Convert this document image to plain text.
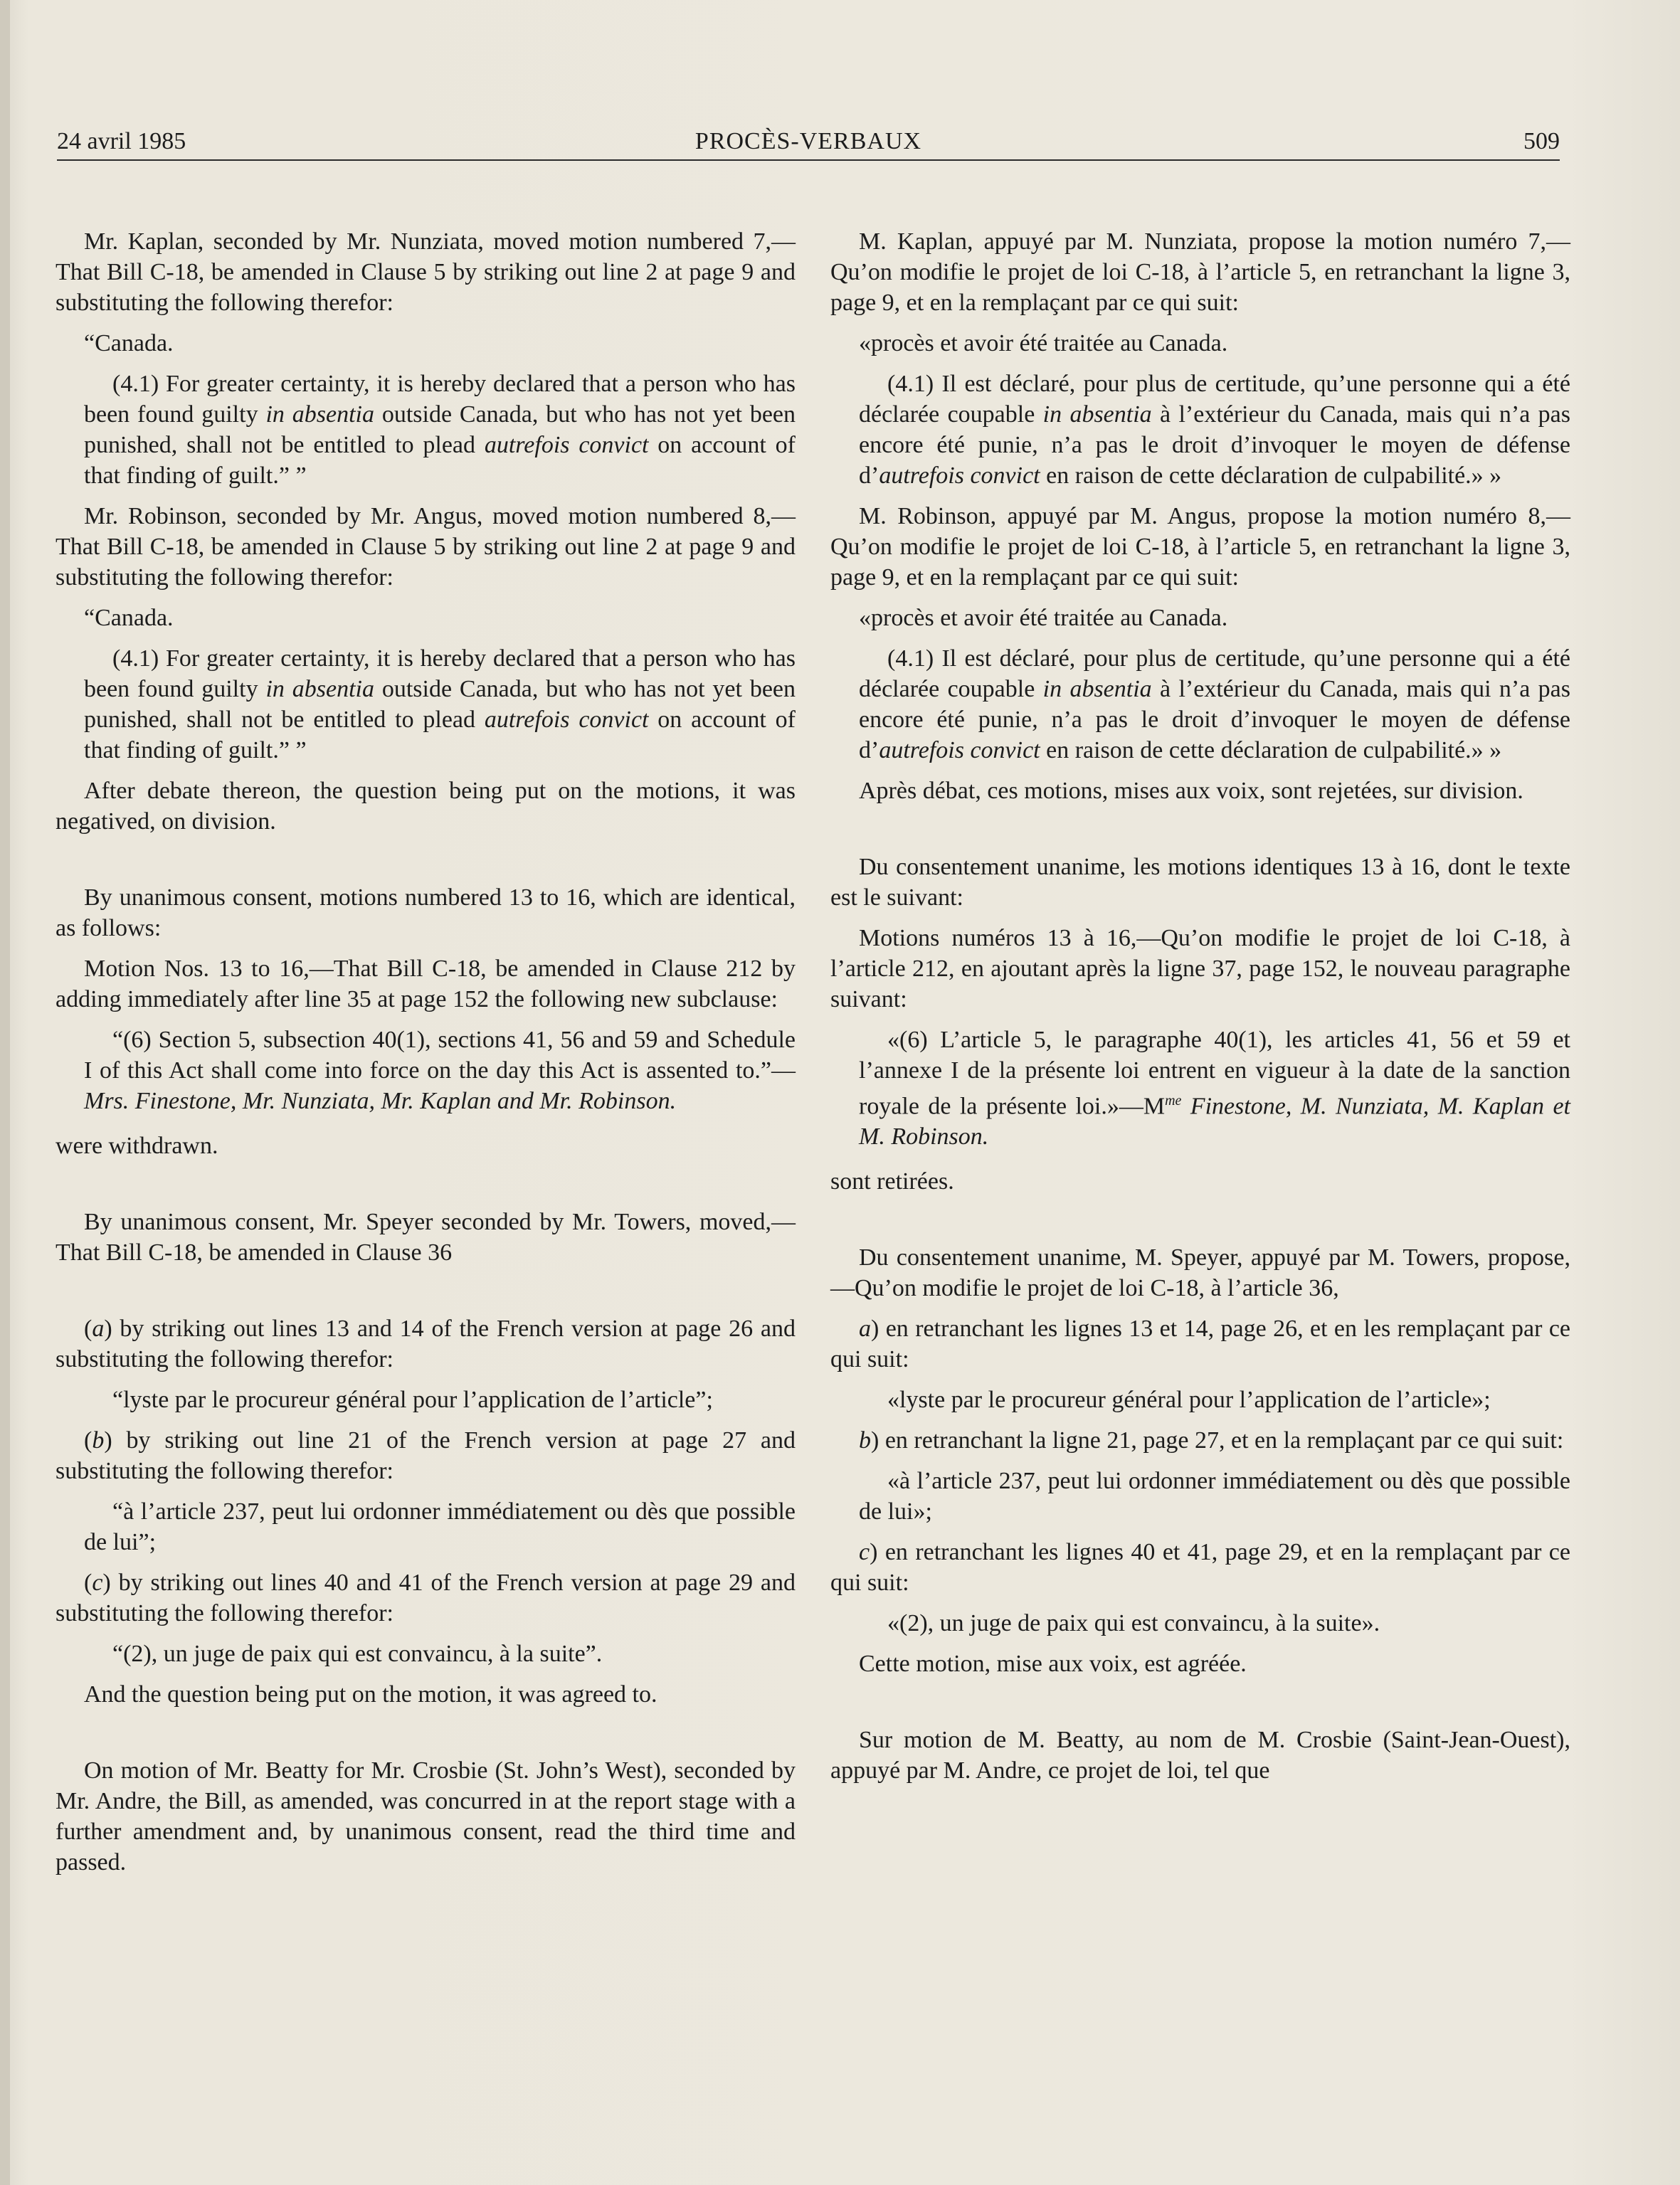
24 avril 1985	PROCÈS-VERBAUX	509

Mr. Kaplan, seconded by Mr. Nunziata, moved motion numbered 7,—That Bill C-18, be amended in Clause 5 by striking out line 2 at page 9 and substituting the following therefor:

“Canada.

(4.1) For greater certainty, it is hereby declared that a person who has been found guilty in absentia outside Canada, but who has not yet been punished, shall not be entitled to plead autrefois convict on account of that finding of guilt.” ”

Mr. Robinson, seconded by Mr. Angus, moved motion numbered 8,—That Bill C-18, be amended in Clause 5 by striking out line 2 at page 9 and substituting the following therefor:

“Canada.

(4.1) For greater certainty, it is hereby declared that a person who has been found guilty in absentia outside Canada, but who has not yet been punished, shall not be entitled to plead autrefois convict on account of that finding of guilt.” ”

After debate thereon, the question being put on the motions, it was negatived, on division.

By unanimous consent, motions numbered 13 to 16, which are identical, as follows:

Motion Nos. 13 to 16,—That Bill C-18, be amended in Clause 212 by adding immediately after line 35 at page 152 the following new subclause:

“(6) Section 5, subsection 40(1), sections 41, 56 and 59 and Schedule I of this Act shall come into force on the day this Act is assented to.”—Mrs. Finestone, Mr. Nunziata, Mr. Kaplan and Mr. Robinson.

were withdrawn.

By unanimous consent, Mr. Speyer seconded by Mr. Towers, moved,—That Bill C-18, be amended in Clause 36

(a) by striking out lines 13 and 14 of the French version at page 26 and substituting the following therefor:

“lyste par le procureur général pour l’application de l’article”;

(b) by striking out line 21 of the French version at page 27 and substituting the following therefor:

“à l’article 237, peut lui ordonner immédiatement ou dès que possible de lui”;

(c) by striking out lines 40 and 41 of the French version at page 29 and substituting the following therefor:

“(2), un juge de paix qui est convaincu, à la suite”.

And the question being put on the motion, it was agreed to.

On motion of Mr. Beatty for Mr. Crosbie (St. John’s West), seconded by Mr. Andre, the Bill, as amended, was concurred in at the report stage with a further amendment and, by unanimous consent, read the third time and passed.

M. Kaplan, appuyé par M. Nunziata, propose la motion numéro 7,—Qu’on modifie le projet de loi C-18, à l’article 5, en retranchant la ligne 3, page 9, et en la remplaçant par ce qui suit:

«procès et avoir été traitée au Canada.

(4.1) Il est déclaré, pour plus de certitude, qu’une personne qui a été déclarée coupable in absentia à l’extérieur du Canada, mais qui n’a pas encore été punie, n’a pas le droit d’invoquer le moyen de défense d’autrefois convict en raison de cette déclaration de culpabilité.» »

M. Robinson, appuyé par M. Angus, propose la motion numéro 8,—Qu’on modifie le projet de loi C-18, à l’article 5, en retranchant la ligne 3, page 9, et en la remplaçant par ce qui suit:

«procès et avoir été traitée au Canada.

(4.1) Il est déclaré, pour plus de certitude, qu’une personne qui a été déclarée coupable in absentia à l’extérieur du Canada, mais qui n’a pas encore été punie, n’a pas le droit d’invoquer le moyen de défense d’autrefois convict en raison de cette déclaration de culpabilité.» »

Après débat, ces motions, mises aux voix, sont rejetées, sur division.

Du consentement unanime, les motions identiques 13 à 16, dont le texte est le suivant:

Motions numéros 13 à 16,—Qu’on modifie le projet de loi C-18, à l’article 212, en ajoutant après la ligne 37, page 152, le nouveau paragraphe suivant:

«(6) L’article 5, le paragraphe 40(1), les articles 41, 56 et 59 et l’annexe I de la présente loi entrent en vigueur à la date de la sanction royale de la présente $loi.»—M^{me}$ Finestone, M. Nunziata, M. Kaplan et M. Robinson.

sont retirées.

Du consentement unanime, M. Speyer, appuyé par M. Towers, propose,—Qu’on modifie le projet de loi C-18, à l’article 36,

a) en retranchant les lignes 13 et 14, page 26, et en les remplaçant par ce qui suit:

«lyste par le procureur général pour l’application de l’article»;

b) en retranchant la ligne 21, page 27, et en la remplaçant par ce qui suit:

«à l’article 237, peut lui ordonner immédiatement ou dès que possible de lui»;

c) en retranchant les lignes 40 et 41, page 29, et en la remplaçant par ce qui suit:

«(2), un juge de paix qui est convaincu, à la suite».

Cette motion, mise aux voix, est agréée.

Sur motion de M. Beatty, au nom de M. Crosbie (Saint-Jean-Ouest), appuyé par M. Andre, ce projet de loi, tel que
